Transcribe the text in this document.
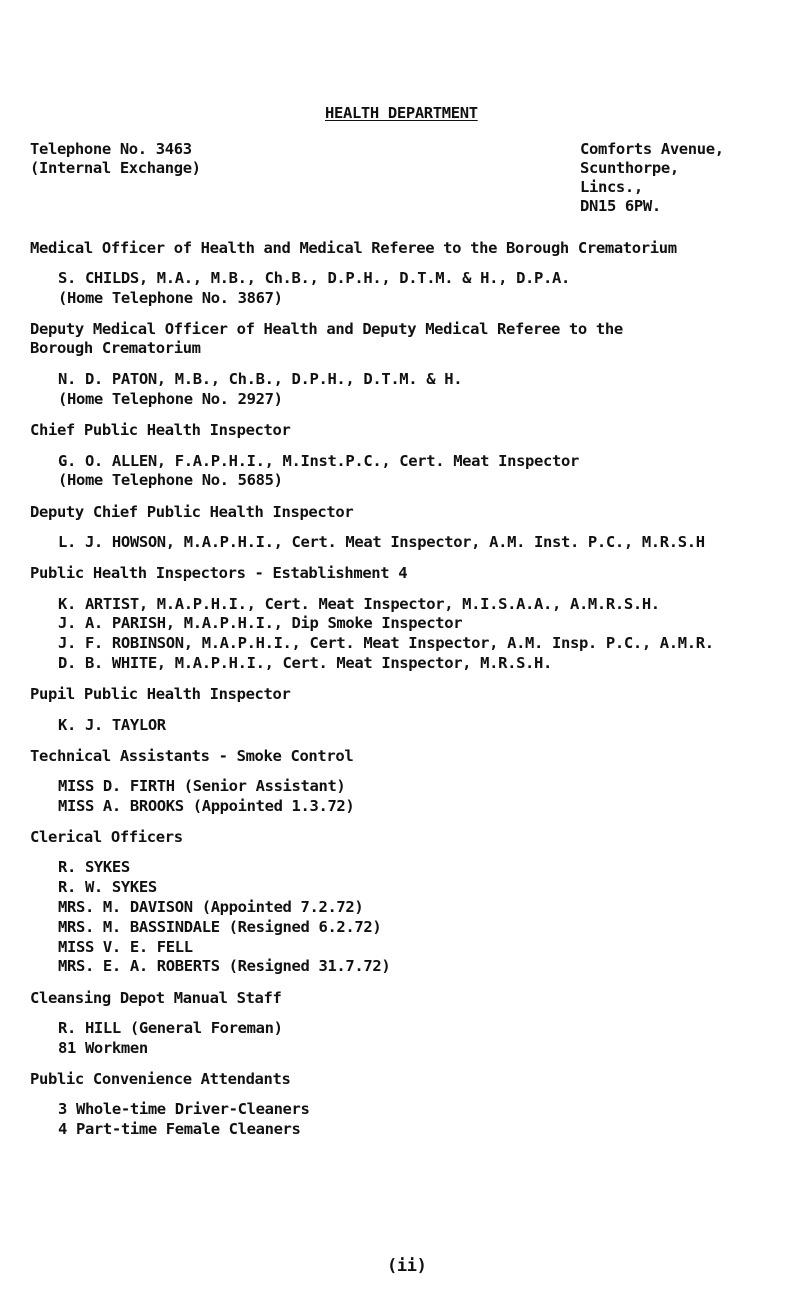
HEALTH DEPARTMENT
Telephone No. 3463
(Internal Exchange)
Comforts Avenue,
Scunthorpe,
Lincs.,
DN15 6PW.
Medical Officer of Health and Medical Referee to the Borough Crematorium
S. CHILDS, M.A., M.B., Ch.B., D.P.H., D.T.M. & H., D.P.A.
(Home Telephone No. 3867)
Deputy Medical Officer of Health and Deputy Medical Referee to the
Borough Crematorium
N. D. PATON, M.B., Ch.B., D.P.H., D.T.M. & H.
(Home Telephone No. 2927)
Chief Public Health Inspector
G. O. ALLEN, F.A.P.H.I., M.Inst.P.C., Cert. Meat Inspector
(Home Telephone No. 5685)
Deputy Chief Public Health Inspector
L. J. HOWSON, M.A.P.H.I., Cert. Meat Inspector, A.M. Inst. P.C., M.R.S.H
Public Health Inspectors - Establishment 4
K. ARTIST, M.A.P.H.I., Cert. Meat Inspector, M.I.S.A.A., A.M.R.S.H.
J. A. PARISH, M.A.P.H.I., Dip Smoke Inspector
J. F. ROBINSON, M.A.P.H.I., Cert. Meat Inspector, A.M. Insp. P.C., A.M.R.
D. B. WHITE, M.A.P.H.I., Cert. Meat Inspector, M.R.S.H.
Pupil Public Health Inspector
K. J. TAYLOR
Technical Assistants - Smoke Control
MISS D. FIRTH (Senior Assistant)
MISS A. BROOKS (Appointed 1.3.72)
Clerical Officers
R. SYKES
R. W. SYKES
MRS. M. DAVISON (Appointed 7.2.72)
MRS. M. BASSINDALE (Resigned 6.2.72)
MISS V. E. FELL
MRS. E. A. ROBERTS (Resigned 31.7.72)
Cleansing Depot Manual Staff
R. HILL (General Foreman)
81 Workmen
Public Convenience Attendants
3 Whole-time Driver-Cleaners
4 Part-time Female Cleaners
(ii)
